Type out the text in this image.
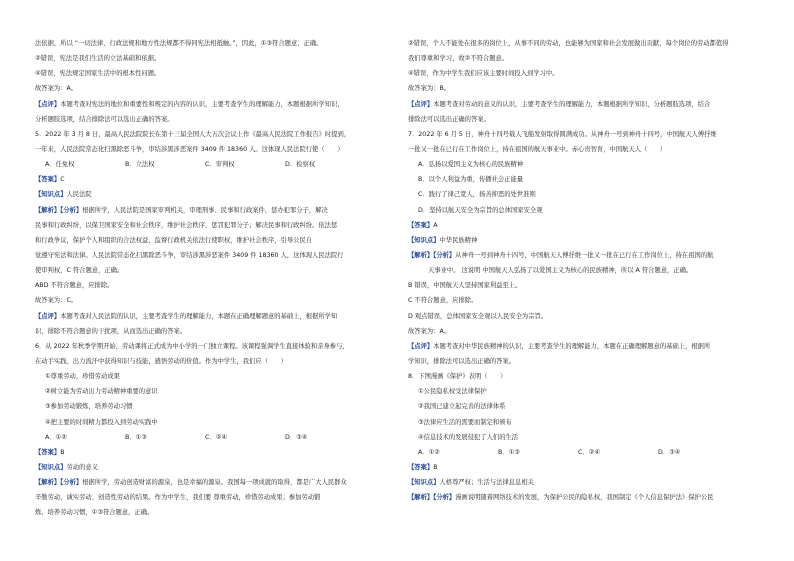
法依据，所以 “一切法律、行政法规和地方性法规都不得同宪法相抵触。”，因此，①③符合题意，正确。
②错误，宪法是我们生活的立法基础和依据。
④错误，宪法规定国家生活中的根本性问题。
故答案为：A。
【点评】本题考查对宪法的地位和重要性和规定的内容的认识，主要考查学生的理解能力，本题根据所学知识，
分析题肢选项，结合排除法可以选出正确的答案。
5．2022 年 3 月 8 日，最高人民法院院长在第十三届全国人大五次会议上作《最高人民法院工作报告》时提到，
一年来，人民法院常态化扫黑除恶斗争，审结涉黑涉恶案件 3409 件 18360 人。这体现人民法院行使（　　）
A．任免权	B．立法权	C．审判权	D．检察权
【答案】C
【知识点】人民法院
【解析】【分析】根据所学，人民法院是国家审判机关，审理刑事、民事和行政案件，惩办犯罪分子，解决
民事和行政纠纷，以保卫国家安全和社会秩序，维护社会秩序，惩罚犯罪分子；解决民事和行政纠纷。依法惩
和行政争议，保护个人和组织的合法权益，监督行政机关依法行使职权，维护社会秩序，引导公民自
觉遵守宪法和法律。人民法院常态化扫黑除恶斗争，审结涉黑涉恶案件 3409 件 18360 人，这体现人民法院行
使审判权，C 符合题意，正确。
ABD 不符合题意，应排除。
故答案为：C。
【点评】本题考查对人民法院的认识，主要考查学生的理解能力，本题在正确理解题意的基础上，根据所学知
识，排除不符合题意的干扰项，从而选出正确的答案。
6．从 2022 年秋季学期开始，劳动课将正式成为中小学的一门独立课程。该课程强调学生直接体验和亲身参与，
在动手实践、出力流汗中获得知识与技能，感悟劳动的价值。作为中学生，我们应（　　）
①尊重劳动，珍惜劳动成果
②树立能为劳动出力劳动精神重要的意识
③参加劳动锻炼，培养劳动习惯
④把主要的时间精力都投入到劳动实践中
A．①②	B．①③	C．②④	D．③④
【答案】B
【知识点】劳动的意义
【解析】【分析】根据所学，劳动创造财富的源泉，也是幸福的源泉。我国每一项成就的取得，都是广大人民群众
辛勤劳动、诚实劳动、创造性劳动的结果。作为中学生，我们要 尊重劳动，珍惜劳动成果；参加劳动锻
炼，培养劳动习惯，①③符合题意，正确。
②错误，个人不能处在很多的岗位上，从事不同的劳动，也能够为国家和社会发展做出贡献，每个岗位的劳动都值得
我们尊重和学习，故②不符合题意。
④错误，作为中学生我们应该主要时间投入到学习中。
故答案为：B。
【点评】本题考查对劳动的意义的认识，主要考查学生的理解能力，本题根据所学知识，分析题肢选项，结合
排除法可以选出正确的答案。
7．2022 年 6 月 5 日，神舟十四号载人飞船发射取得圆满成功。从神舟一号到神舟十四号，中国航天人傅抒维
一批又一批在已行在工作岗位上，持在祖国的航天事业中。赤心贵智育，中国航天人（　　）
A．弘扬以爱国主义为核心的民族精神
B．以个人利益为重，传播社会正能量
C．践行了律己宽人，扬善抑恶的处世准则
D．坚持以航天安全为宗旨的总体国家安全观
【答案】A
【知识点】中华民族精神
【解析】【分析】从神舟一号到神舟十四号，中国航天人傅抒维一批又一批在已行在工作岗位上，持在祖国的航
天事业中。 这说明 中国航天人弘扬了以爱国主义为核心的民族精神，所以 A 符合题意，正确。
B 错误，中国航天人坚持国家利益至上。
C 不符合题意，应排除。
D 观点错误，总体国家安全观以人民安全为宗旨。
故答案为：A。
【点评】本题考查对中华民族精神的认识，主要考查学生的理解能力，本题在正确理解题意的基础上，根据所
学知识，排除法可以选出正确的答案。
8．下图漫画《保护》表明（　　）
①公民隐私权受法律保护
②我国已建立起完善的法律体系
③法律应生活的需要而制定和颁布
④信息技术的发展侵犯了人们的生活
A．①②	B．①③	C．②④	D．③④
【答案】B
【知识点】人格尊严权；生活与法律息息相关
【解析】【分析】漫画说明随着网络技术的发展，为保护公民的隐私权，我国制定《个人信息保护法》保护公民
